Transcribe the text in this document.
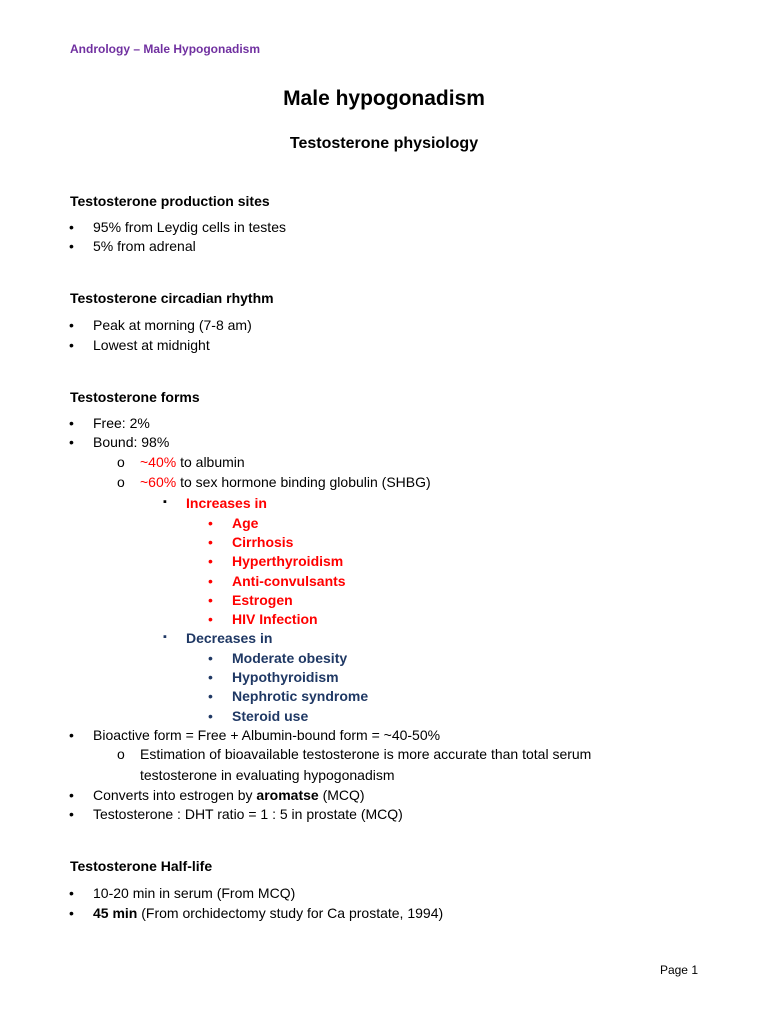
Andrology – Male Hypogonadism
Male hypogonadism
Testosterone physiology
Testosterone production sites
• 95% from Leydig cells in testes
• 5% from adrenal
Testosterone circadian rhythm
• Peak at morning (7-8 am)
• Lowest at midnight
Testosterone forms
• Free: 2%
• Bound: 98%
o ~40% to albumin
o ~60% to sex hormone binding globulin (SHBG)
▪ Increases in
• Age
• Cirrhosis
• Hyperthyroidism
• Anti-convulsants
• Estrogen
• HIV Infection
▪ Decreases in
• Moderate obesity
• Hypothyroidism
• Nephrotic syndrome
• Steroid use
• Bioactive form = Free + Albumin-bound form = ~40-50%
o Estimation of bioavailable testosterone is more accurate than total serum
testosterone in evaluating hypogonadism
• Converts into estrogen by aromatse (MCQ)
• Testosterone : DHT ratio = 1 : 5 in prostate (MCQ)
Testosterone Half-life
• 10-20 min in serum (From MCQ)
• 45 min (From orchidectomy study for Ca prostate, 1994)
Page 1
